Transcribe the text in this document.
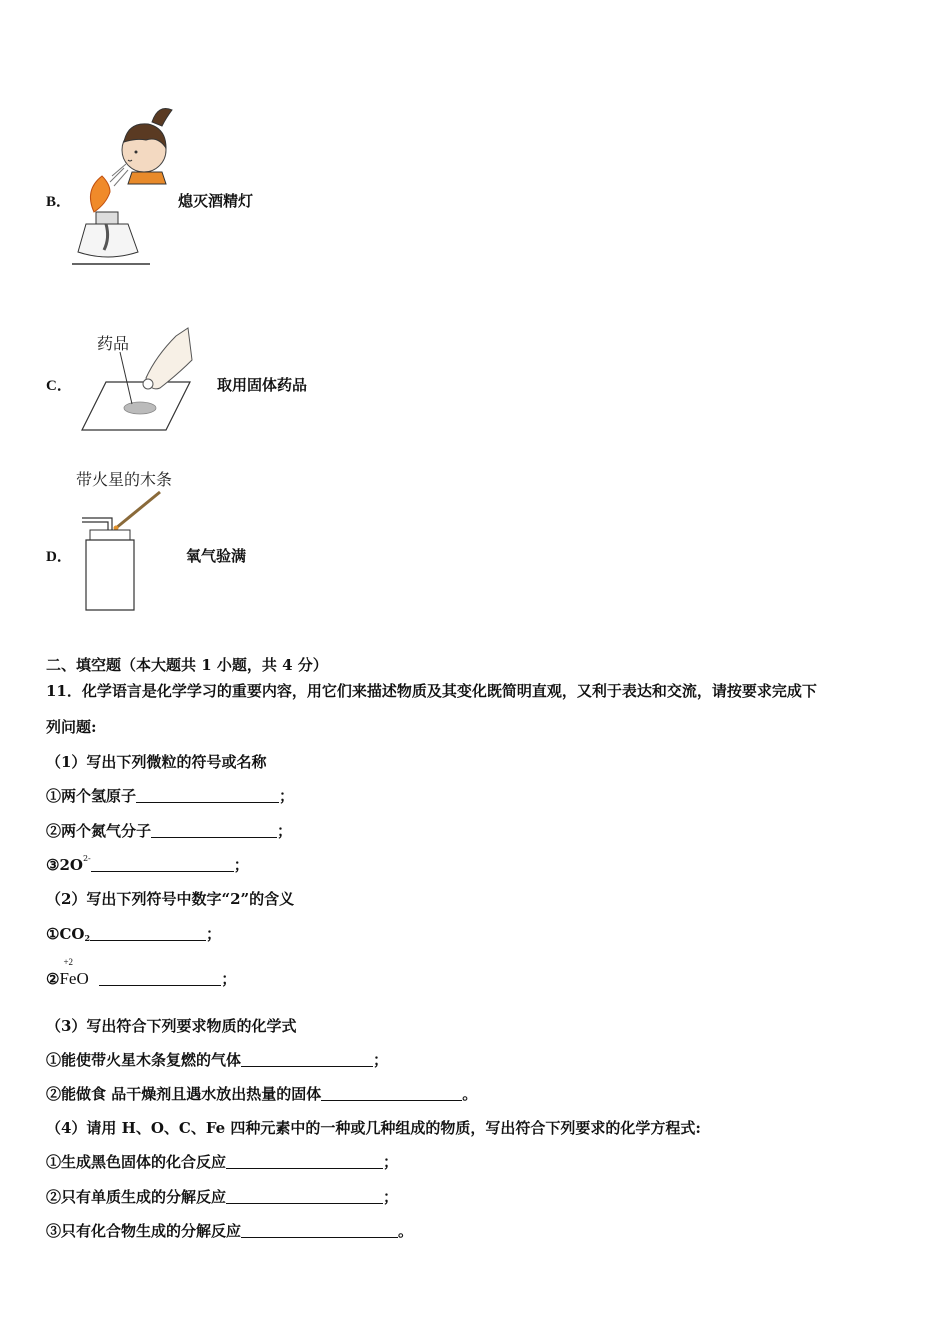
B．	熄灭酒精灯
C．
药品
取用固体药品
带火星的木条
D．	氧气验满
二、填空题（本大题共 1 小题，共 4 分）
11．化学语言是化学学习的重要内容，用它们来描述物质及其变化既简明直观，又利于表达和交流，请按要求完成下
列问题:
（1）写出下列微粒的符号或名称
①两个氢原子	；
②两个氮气分子	；
$③2O^{2-}$	；
（2）写出下列符号中数字“2”的含义
$①CO_2$	；
②
+2
FeO	；
（3）写出符合下列要求物质的化学式
①能使带火星木条复燃的气体	；
②能做食 品干燥剂且遇水放出热量的固体	。
（4）请用 H、O、C、Fe 四种元素中的一种或几种组成的物质，写出符合下列要求的化学方程式:
①生成黑色固体的化合反应	；
②只有单质生成的分解反应	；
③只有化合物生成的分解反应	。
